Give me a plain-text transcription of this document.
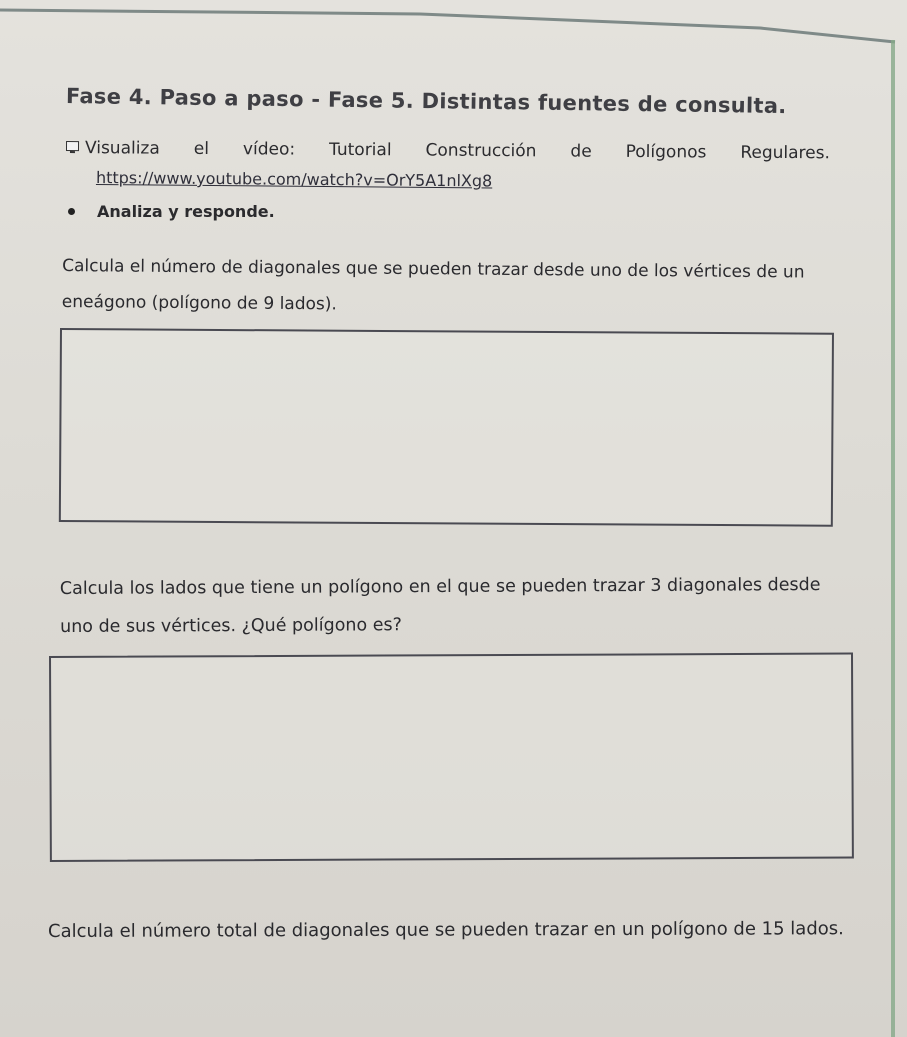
Fase 4. Paso a paso - Fase 5. Distintas fuentes de consulta.
Visualiza el vídeo: Tutorial Construcción de Polígonos Regulares.
https://www.youtube.com/watch?v=OrY5A1nlXg8
Analiza y responde.
Calcula el número de diagonales que se pueden trazar desde uno de los vértices de un eneágono (polígono de 9 lados).
Calcula los lados que tiene un polígono en el que se pueden trazar 3 diagonales desde uno de sus vértices. ¿Qué polígono es?
Calcula el número total de diagonales que se pueden trazar en un polígono de 15 lados.
